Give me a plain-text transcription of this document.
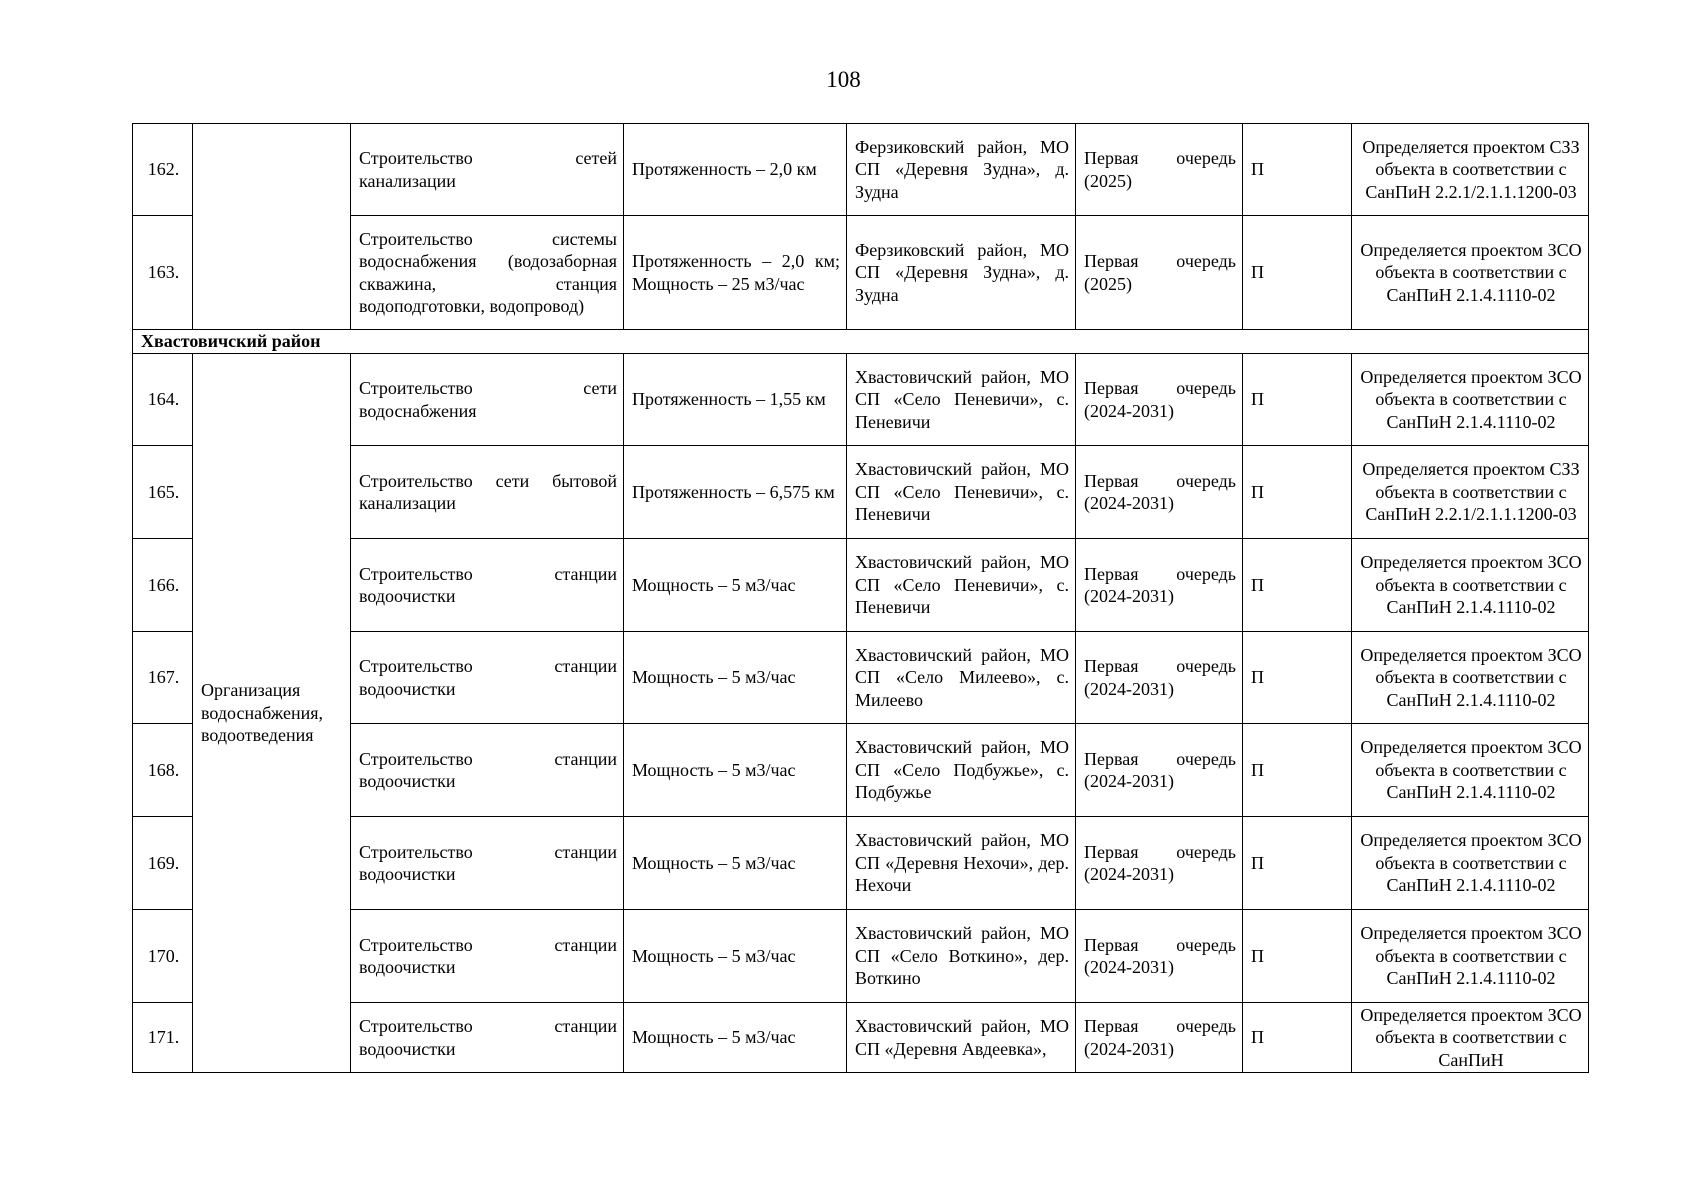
108
162.		Строительство сетей канализации	Протяженность – 2,0 км	Ферзиковский район, МО СП «Деревня Зудна», д. Зудна	Первая очередь (2025)	П	Определяется проектом СЗЗ объекта в соответствии с СанПиН 2.2.1/2.1.1.1200-03
163.		Строительство системы водоснабжения (водозаборная скважина, станция водоподготовки, водопровод)	Протяженность – 2,0 км; Мощность – 25 м3/час	Ферзиковский район, МО СП «Деревня Зудна», д. Зудна	Первая очередь (2025)	П	Определяется проектом ЗСО объекта в соответствии с СанПиН 2.1.4.1110-02
Хвастовичский район							
164.	Организация водоснабжения, водоотведения	Строительство сети водоснабжения	Протяженность – 1,55 км	Хвастовичский район, МО СП «Село Пеневичи», с. Пеневичи	Первая очередь (2024-2031)	П	Определяется проектом ЗСО объекта в соответствии с СанПиН 2.1.4.1110-02
165.		Строительство сети бытовой канализации	Протяженность – 6,575 км	Хвастовичский район, МО СП «Село Пеневичи», с. Пеневичи	Первая очередь (2024-2031)	П	Определяется проектом СЗЗ объекта в соответствии с СанПиН 2.2.1/2.1.1.1200-03
166.		Строительство станции водоочистки	Мощность – 5 м3/час	Хвастовичский район, МО СП «Село Пеневичи», с. Пеневичи	Первая очередь (2024-2031)	П	Определяется проектом ЗСО объекта в соответствии с СанПиН 2.1.4.1110-02
167.		Строительство станции водоочистки	Мощность – 5 м3/час	Хвастовичский район, МО СП «Село Милеево», с. Милеево	Первая очередь (2024-2031)	П	Определяется проектом ЗСО объекта в соответствии с СанПиН 2.1.4.1110-02
168.		Строительство станции водоочистки	Мощность – 5 м3/час	Хвастовичский район, МО СП «Село Подбужье», с. Подбужье	Первая очередь (2024-2031)	П	Определяется проектом ЗСО объекта в соответствии с СанПиН 2.1.4.1110-02
169.		Строительство станции водоочистки	Мощность – 5 м3/час	Хвастовичский район, МО СП «Деревня Нехочи», дер. Нехочи	Первая очередь (2024-2031)	П	Определяется проектом ЗСО объекта в соответствии с СанПиН 2.1.4.1110-02
170.		Строительство станции водоочистки	Мощность – 5 м3/час	Хвастовичский район, МО СП «Село Воткино», дер. Воткино	Первая очередь (2024-2031)	П	Определяется проектом ЗСО объекта в соответствии с СанПиН 2.1.4.1110-02
171.		Строительство станции водоочистки	Мощность – 5 м3/час	Хвастовичский район, МО СП «Деревня Авдеевка»,	Первая очередь (2024-2031)	П	Определяется проектом ЗСО объекта в соответствии с СанПиН
